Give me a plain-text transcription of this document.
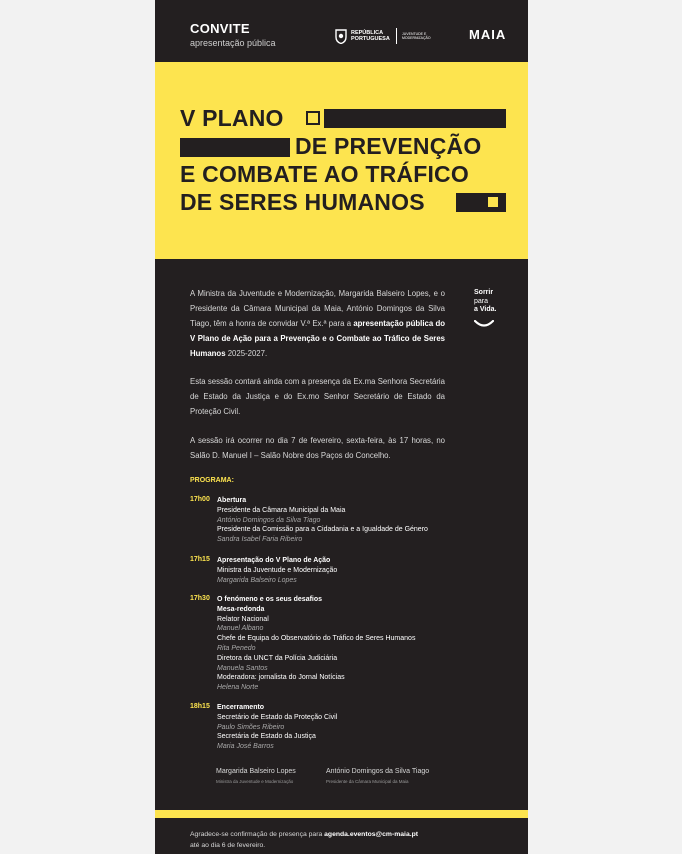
CONVITE
apresentação pública
REPÚBLICA PORTUGUESA
JUVENTUDE E MODERNIZAÇÃO	MAIA
V PLANO
DE PREVENÇÃO
E COMBATE AO TRÁFICO
DE SERES HUMANOS
A Ministra da Juventude e Modernização, Margarida Balseiro Lopes, e o Presidente da Câmara Municipal da Maia, António Domingos da Silva Tiago, têm a honra de convidar V.ª Ex.ª para a apresentação pública do V Plano de Ação para a Prevenção e o Combate ao Tráfico de Seres Humanos 2025-2027.
Esta sessão contará ainda com a presença da Ex.ma Senhora Secretária de Estado da Justiça e do Ex.mo Senhor Secretário de Estado da Proteção Civil.
A sessão irá ocorrer no dia 7 de fevereiro, sexta-feira, às 17 horas, no Salão D. Manuel I – Salão Nobre dos Paços do Concelho.
Sorrir
para
a Vida.
PROGRAMA:
17h00 Abertura
Presidente da Câmara Municipal da Maia
António Domingos da Silva Tiago
Presidente da Comissão para a Cidadania e a Igualdade de Género
Sandra Isabel Faria Ribeiro
17h15 Apresentação do V Plano de Ação
Ministra da Juventude e Modernização
Margarida Balseiro Lopes
17h30 O fenómeno e os seus desafios
Mesa-redonda
Relator Nacional
Manuel Albano
Chefe de Equipa do Observatório do Tráfico de Seres Humanos
Rita Penedo
Diretora da UNCT da Polícia Judiciária
Manuela Santos
Moderadora: jornalista do Jornal Notícias
Helena Norte
18h15 Encerramento
Secretário de Estado da Proteção Civil
Paulo Simões Ribeiro
Secretária de Estado da Justiça
Maria José Barros
Margarida Balseiro Lopes
Ministra da Juventude e Modernização
António Domingos da Silva Tiago
Presidente da Câmara Municipal da Maia
Agradece-se confirmação de presença para agenda.eventos@cm-maia.pt
até ao dia 6 de fevereiro.
